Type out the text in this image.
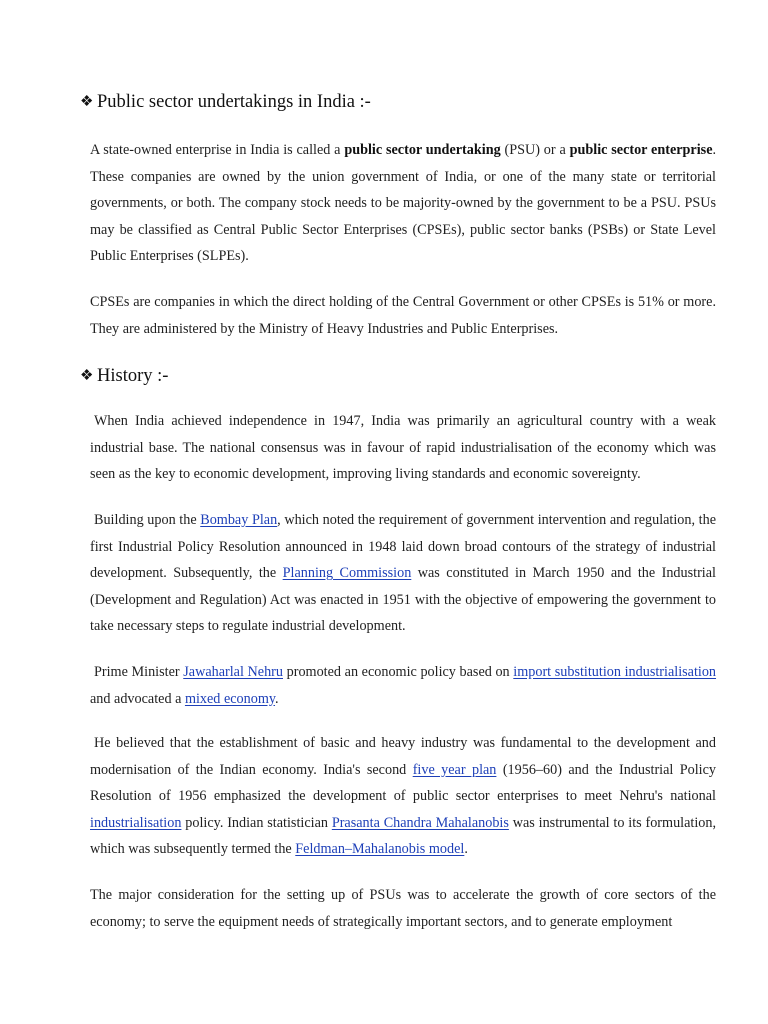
❖ Public sector undertakings in India :-

A state-owned enterprise in India is called a public sector undertaking (PSU) or a public sector enterprise. These companies are owned by the union government of India, or one of the many state or territorial governments, or both. The company stock needs to be majority-owned by the government to be a PSU. PSUs may be classified as Central Public Sector Enterprises (CPSEs), public sector banks (PSBs) or State Level Public Enterprises (SLPEs).

CPSEs are companies in which the direct holding of the Central Government or other CPSEs is 51% or more. They are administered by the Ministry of Heavy Industries and Public Enterprises.

❖ History :-

When India achieved independence in 1947, India was primarily an agricultural country with a weak industrial base. The national consensus was in favour of rapid industrialisation of the economy which was seen as the key to economic development, improving living standards and economic sovereignty.

Building upon the Bombay Plan, which noted the requirement of government intervention and regulation, the first Industrial Policy Resolution announced in 1948 laid down broad contours of the strategy of industrial development. Subsequently, the Planning Commission was constituted in March 1950 and the Industrial (Development and Regulation) Act was enacted in 1951 with the objective of empowering the government to take necessary steps to regulate industrial development.

Prime Minister Jawaharlal Nehru promoted an economic policy based on import substitution industrialisation and advocated a mixed economy.

He believed that the establishment of basic and heavy industry was fundamental to the development and modernisation of the Indian economy. India's second five year plan (1956–60) and the Industrial Policy Resolution of 1956 emphasized the development of public sector enterprises to meet Nehru's national industrialisation policy. Indian statistician Prasanta Chandra Mahalanobis was instrumental to its formulation, which was subsequently termed the Feldman–Mahalanobis model.

The major consideration for the setting up of PSUs was to accelerate the growth of core sectors of the economy; to serve the equipment needs of strategically important sectors, and to generate employment
